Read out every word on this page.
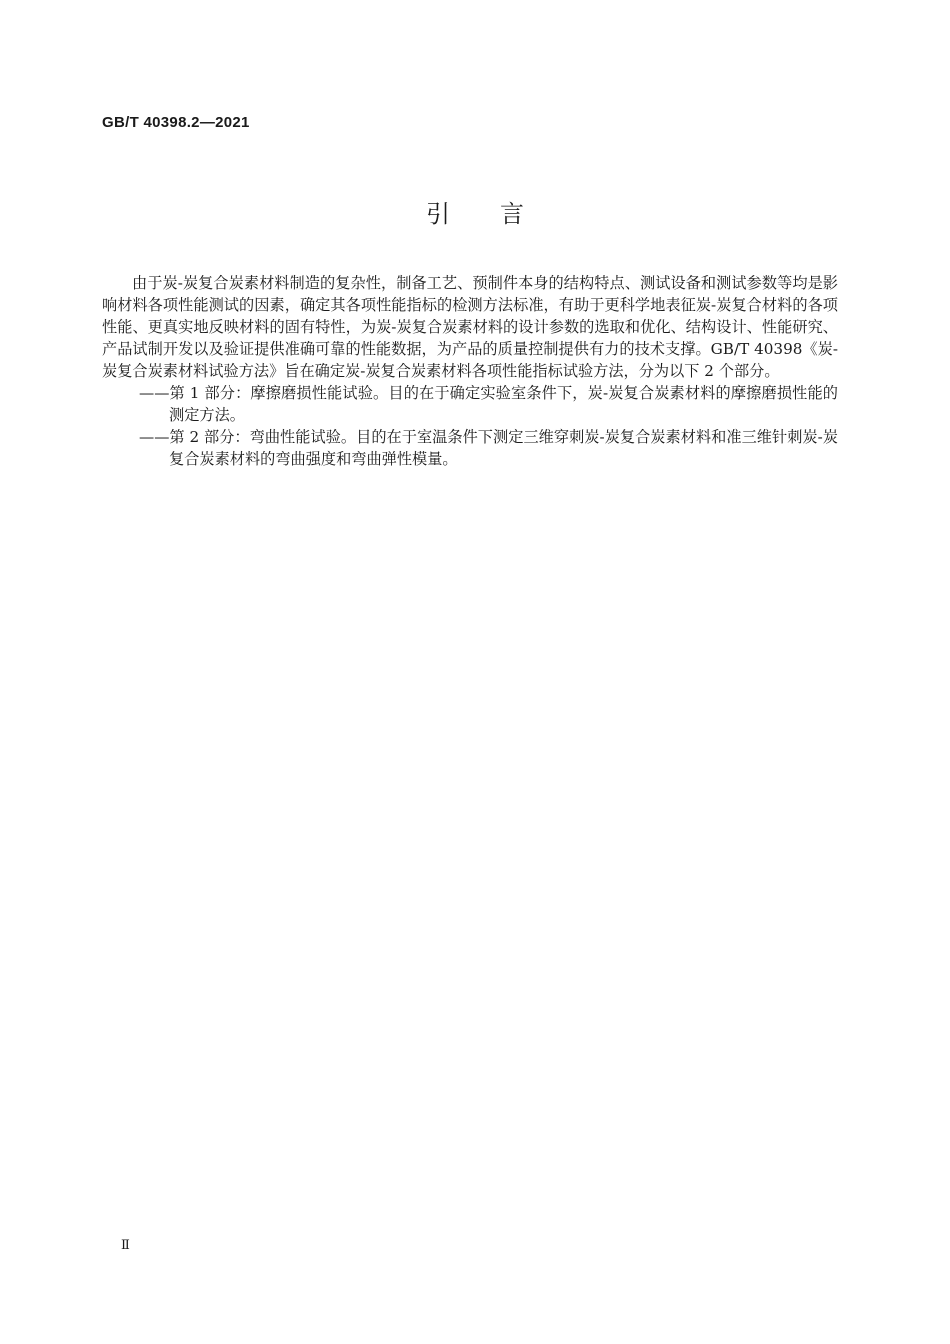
GB/T 40398.2—2021
引言

由于炭-炭复合炭素材料制造的复杂性，制备工艺、预制件本身的结构特点、测试设备和测试参数等均是影响材料各项性能测试的因素，确定其各项性能指标的检测方法标准，有助于更科学地表征炭-炭复合材料的各项性能、更真实地反映材料的固有特性，为炭-炭复合炭素材料的设计参数的选取和优化、结构设计、性能研究、产品试制开发以及验证提供准确可靠的性能数据，为产品的质量控制提供有力的技术支撑。GB/T 40398《炭-炭复合炭素材料试验方法》旨在确定炭-炭复合炭素材料各项性能指标试验方法，分为以下 2 个部分。

——第 1 部分：摩擦磨损性能试验。目的在于确定实验室条件下，炭-炭复合炭素材料的摩擦磨损性能的测定方法。

——第 2 部分：弯曲性能试验。目的在于室温条件下测定三维穿刺炭-炭复合炭素材料和准三维针刺炭-炭复合炭素材料的弯曲强度和弯曲弹性模量。

Ⅱ
